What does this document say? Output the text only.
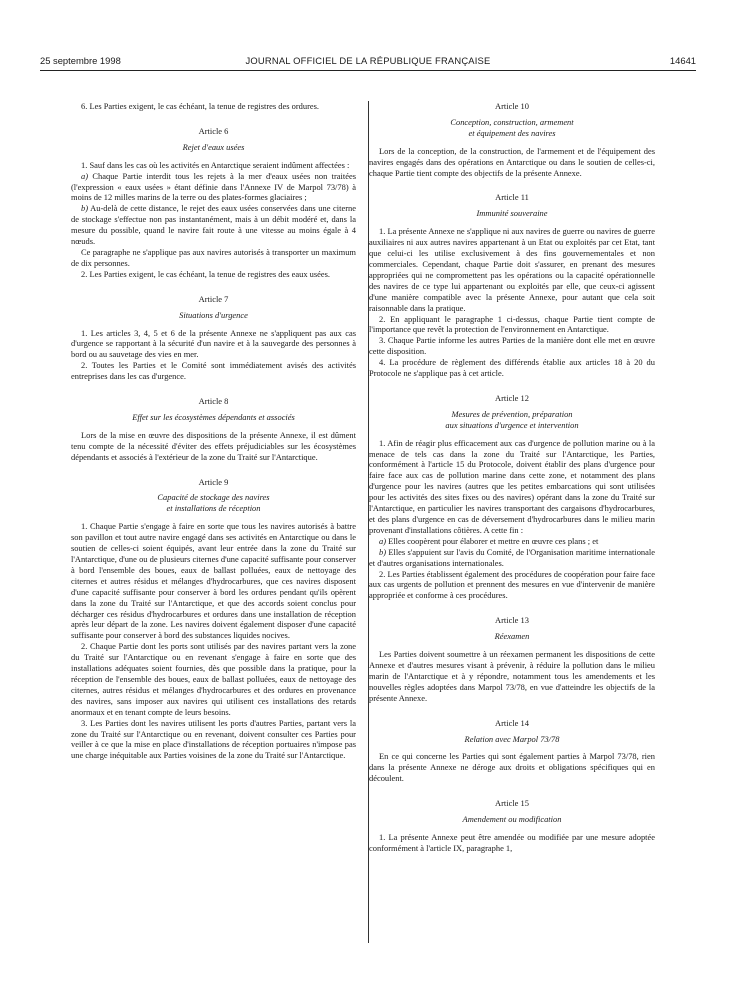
25 septembre 1998	JOURNAL OFFICIEL DE LA RÉPUBLIQUE FRANÇAISE	14641

6. Les Parties exigent, le cas échéant, la tenue de registres des ordures.

Article 6
Rejet d'eaux usées

1. Sauf dans les cas où les activités en Antarctique seraient indûment affectées :

a) Chaque Partie interdit tous les rejets à la mer d'eaux usées non traitées (l'expression « eaux usées » étant définie dans l'Annexe IV de Marpol 73/78) à moins de 12 milles marins de la terre ou des plates-formes glaciaires ;

b) Au-delà de cette distance, le rejet des eaux usées conservées dans une citerne de stockage s'effectue non pas instantanément, mais à un débit modéré et, dans la mesure du possible, quand le navire fait route à une vitesse au moins égale à 4 nœuds.

Ce paragraphe ne s'applique pas aux navires autorisés à transporter un maximum de dix personnes.

2. Les Parties exigent, le cas échéant, la tenue de registres des eaux usées.

Article 7
Situations d'urgence

1. Les articles 3, 4, 5 et 6 de la présente Annexe ne s'appliquent pas aux cas d'urgence se rapportant à la sécurité d'un navire et à la sauvegarde des personnes à bord ou au sauvetage des vies en mer.

2. Toutes les Parties et le Comité sont immédiatement avisés des activités entreprises dans les cas d'urgence.

Article 8
Effet sur les écosystèmes dépendants et associés

Lors de la mise en œuvre des dispositions de la présente Annexe, il est dûment tenu compte de la nécessité d'éviter des effets préjudiciables sur les écosystèmes dépendants et associés à l'extérieur de la zone du Traité sur l'Antarctique.

Article 9
Capacité de stockage des navires
et installations de réception

1. Chaque Partie s'engage à faire en sorte que tous les navires autorisés à battre son pavillon et tout autre navire engagé dans ses activités en Antarctique ou dans le soutien de celles-ci soient équipés, avant leur entrée dans la zone du Traité sur l'Antarctique, d'une ou de plusieurs citernes d'une capacité suffisante pour conserver à bord l'ensemble des boues, eaux de ballast polluées, eaux de nettoyage des citernes et autres résidus et mélanges d'hydrocarbures, que ces navires disposent d'une capacité suffisante pour conserver à bord les ordures pendant qu'ils opèrent dans la zone du Traité sur l'Antarctique, et que des accords soient conclus pour décharger ces résidus d'hydrocarbures et ordures dans une installation de réception après leur départ de la zone. Les navires doivent également disposer d'une capacité suffisante pour conserver à bord des substances liquides nocives.

2. Chaque Partie dont les ports sont utilisés par des navires partant vers la zone du Traité sur l'Antarctique ou en revenant s'engage à faire en sorte que des installations adéquates soient fournies, dès que possible dans la pratique, pour la réception de l'ensemble des boues, eaux de ballast polluées, eaux de nettoyage des citernes, autres résidus et mélanges d'hydrocarbures et des ordures en provenance des navires, sans imposer aux navires qui utilisent ces installations des retards anormaux et en tenant compte de leurs besoins.

3. Les Parties dont les navires utilisent les ports d'autres Parties, partant vers la zone du Traité sur l'Antarctique ou en revenant, doivent consulter ces Parties pour veiller à ce que la mise en place d'installations de réception portuaires n'impose pas une charge inéquitable aux Parties voisines de la zone du Traité sur l'Antarctique.

Article 10
Conception, construction, armement
et équipement des navires

Lors de la conception, de la construction, de l'armement et de l'équipement des navires engagés dans des opérations en Antarctique ou dans le soutien de celles-ci, chaque Partie tient compte des objectifs de la présente Annexe.

Article 11
Immunité souveraine

1. La présente Annexe ne s'applique ni aux navires de guerre ou navires de guerre auxiliaires ni aux autres navires appartenant à un Etat ou exploités par cet Etat, tant que celui-ci les utilise exclusivement à des fins gouvernementales et non commerciales. Cependant, chaque Partie doit s'assurer, en prenant des mesures appropriées qui ne compromettent pas les opérations ou la capacité opérationnelle des navires de ce type lui appartenant ou exploités par elle, que ceux-ci agissent d'une manière compatible avec la présente Annexe, pour autant que cela soit raisonnable dans la pratique.

2. En appliquant le paragraphe 1 ci-dessus, chaque Partie tient compte de l'importance que revêt la protection de l'environnement en Antarctique.

3. Chaque Partie informe les autres Parties de la manière dont elle met en œuvre cette disposition.

4. La procédure de règlement des différends établie aux articles 18 à 20 du Protocole ne s'applique pas à cet article.

Article 12
Mesures de prévention, préparation
aux situations d'urgence et intervention

1. Afin de réagir plus efficacement aux cas d'urgence de pollution marine ou à la menace de tels cas dans la zone du Traité sur l'Antarctique, les Parties, conformément à l'article 15 du Protocole, doivent établir des plans d'urgence pour faire face aux cas de pollution marine dans cette zone, et notamment des plans d'urgence pour les navires (autres que les petites embarcations qui sont utilisées pour les activités des sites fixes ou des navires) opérant dans la zone du Traité sur l'Antarctique, en particulier les navires transportant des cargaisons d'hydrocarbures, et des plans d'urgence en cas de déversement d'hydrocarbures dans le milieu marin provenant d'installations côtières. A cette fin :

a) Elles coopèrent pour élaborer et mettre en œuvre ces plans ; et

b) Elles s'appuient sur l'avis du Comité, de l'Organisation maritime internationale et d'autres organisations internationales.

2. Les Parties établissent également des procédures de coopération pour faire face aux cas urgents de pollution et prennent des mesures en vue d'intervenir de manière appropriée et conforme à ces procédures.

Article 13
Réexamen

Les Parties doivent soumettre à un réexamen permanent les dispositions de cette Annexe et d'autres mesures visant à prévenir, à réduire la pollution dans le milieu marin de l'Antarctique et à y répondre, notamment tous les amendements et les nouvelles règles adoptées dans Marpol 73/78, en vue d'atteindre les objectifs de la présente Annexe.

Article 14
Relation avec Marpol 73/78

En ce qui concerne les Parties qui sont également parties à Marpol 73/78, rien dans la présente Annexe ne déroge aux droits et obligations spécifiques qui en découlent.

Article 15
Amendement ou modification

1. La présente Annexe peut être amendée ou modifiée par une mesure adoptée conformément à l'article IX, paragraphe 1,
